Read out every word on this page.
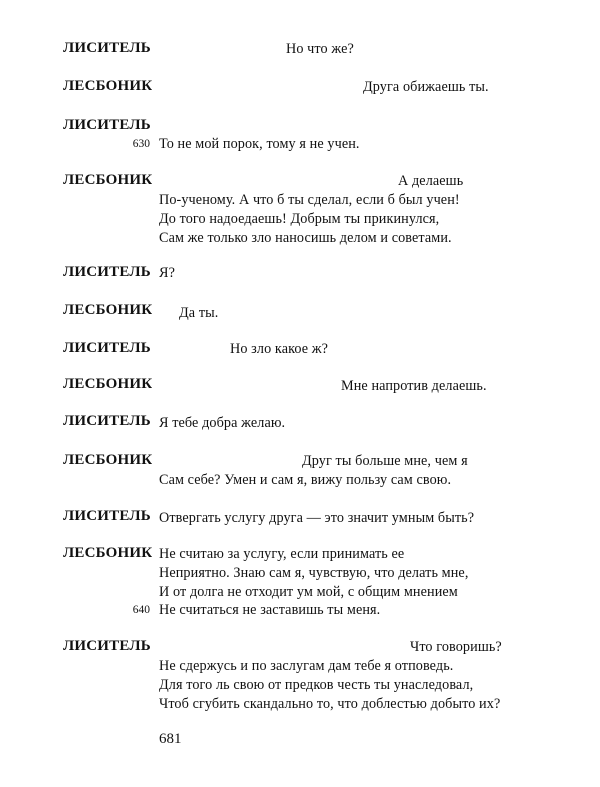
ЛИСИТЕЛЬ	Но что же?
ЛЕСБОНИК	Друга обижаешь ты.
ЛИСИТЕЛЬ
630 То не мой порок, тому я не учен.
ЛЕСБОНИК	А делаешь
По-ученому. А что б ты сделал, если б был учен!
До того надоедаешь! Добрым ты прикинулся,
Сам же только зло наносишь делом и советами.
ЛИСИТЕЛЬ Я?
ЛЕСБОНИК Да ты.
ЛИСИТЕЛЬ	Но зло какое ж?
ЛЕСБОНИК	Мне напротив делаешь.
ЛИСИТЕЛЬ Я тебе добра желаю.
ЛЕСБОНИК	Друг ты больше мне, чем я
Сам себе? Умен и сам я, вижу пользу сам свою.
ЛИСИТЕЛЬ Отвергать услугу друга — это значит умным быть?
ЛЕСБОНИК Не считаю за услугу, если принимать ее
Неприятно. Знаю сам я, чувствую, что делать мне,
И от долга не отходит ум мой, с общим мнением
640 Не считаться не заставишь ты меня.
ЛИСИТЕЛЬ	Что говоришь?
Не сдержусь и по заслугам дам тебе я отповедь.
Для того ль свою от предков честь ты унаследовал,
Чтоб сгубить скандально то, что доблестью добыто их?
681
